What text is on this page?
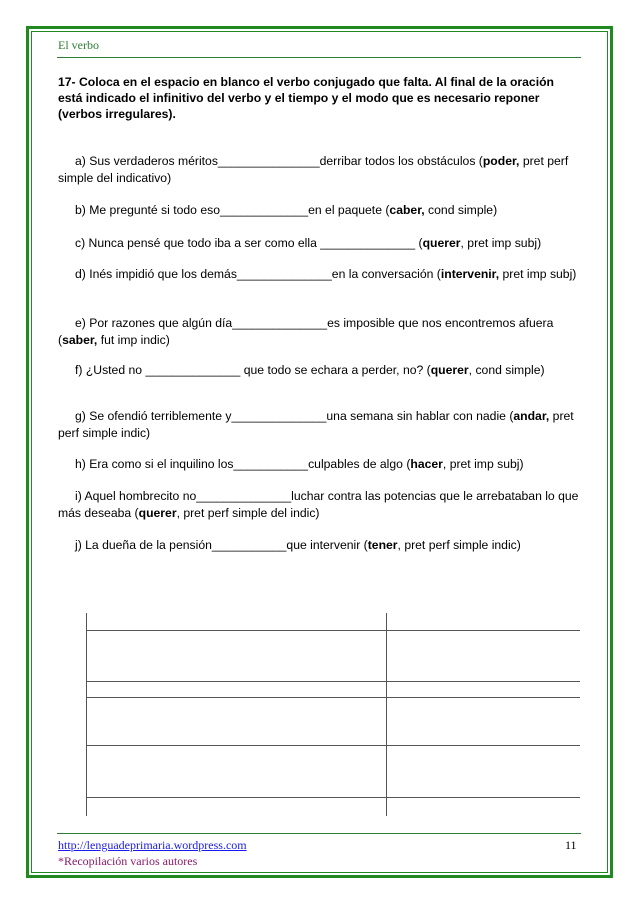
El verbo
17- Coloca en el espacio en blanco el verbo conjugado que falta. Al final de la oración está indicado el infinitivo del verbo y el tiempo y el modo que es necesario reponer (verbos irregulares).
a) Sus verdaderos méritos_______________derribar todos los obstáculos (poder, pret perf simple del indicativo)
b) Me pregunté si todo eso_____________en el paquete (caber, cond simple)
c) Nunca pensé que todo iba a ser como ella ______________ (querer, pret imp subj)
d) Inés impidió que los demás______________en la conversación (intervenir, pret imp subj)
e) Por razones que algún día______________es imposible que nos encontremos afuera (saber, fut imp indic)
f) ¿Usted no ______________ que todo se echara a perder, no? (querer, cond simple)
g) Se ofendió terriblemente y______________una semana sin hablar con nadie (andar, pret perf simple indic)
h) Era como si el inquilino los___________culpables de algo (hacer, pret imp subj)
i) Aquel hombrecito no______________luchar contra las potencias que le arrebataban lo que más deseaba (querer, pret perf simple del indic)
j) La dueña de la pensión___________que intervenir (tener, pret perf simple indic)
http://lenguadeprimaria.wordpress.com	11
*Recopilación varios autores
